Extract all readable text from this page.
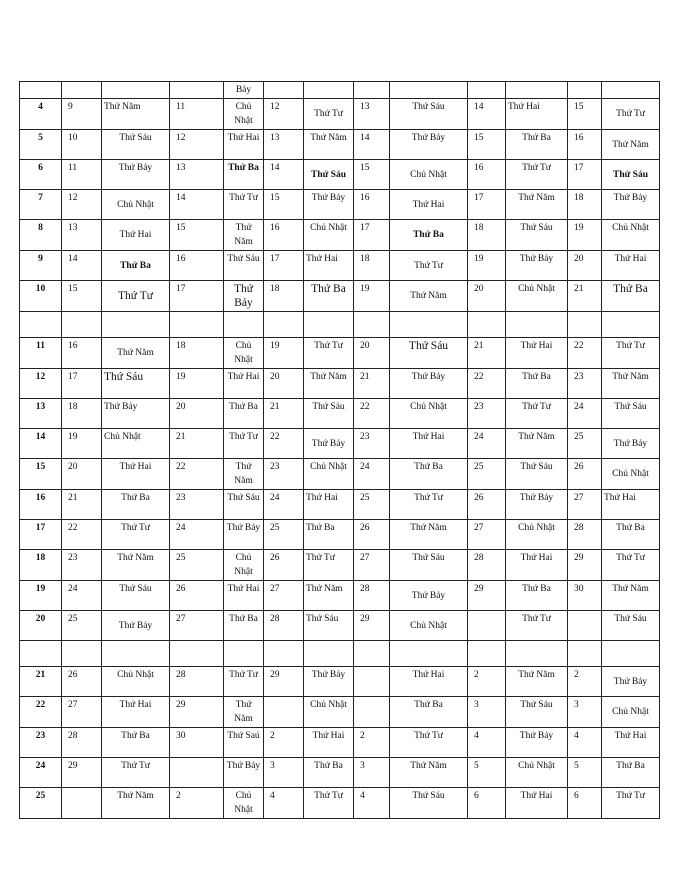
				Bảy								
4	9	Thứ Năm	11	Chủ Nhật	12	Thứ Tư	13	Thứ Sáu	14	Thứ Hai	15	Thứ Tư
5	10	Thứ Sáu	12	Thứ Hai	13	Thứ Năm	14	Thứ Bảy	15	Thứ Ba	16	Thứ Năm
6	11	Thứ Bảy	13	Thứ Ba	14	Thứ Sáu	15	Chủ Nhật	16	Thứ Tư	17	Thứ Sáu
7	12	Chủ Nhật	14	Thứ Tư	15	Thứ Bảy	16	Thứ Hai	17	Thứ Năm	18	Thứ Bảy
8	13	Thứ Hai	15	Thứ Năm	16	Chủ Nhật	17	Thứ Ba	18	Thứ Sáu	19	Chủ Nhật
9	14	Thứ Ba	16	Thứ Sáu	17	Thứ Hai	18	Thứ Tư	19	Thứ Bảy	20	Thứ Hai
10	15	Thứ Tư	17	Thứ Bảy	18	Thứ Ba	19	Thứ Năm	20	Chủ Nhật	21	Thứ Ba

11	16	Thứ Năm	18	Chủ Nhật	19	Thứ Tư	20	Thứ Sáu	21	Thứ Hai	22	Thứ Tư
12	17	Thứ Sáu	19	Thứ Hai	20	Thứ Năm	21	Thứ Bảy	22	Thứ Ba	23	Thứ Năm
13	18	Thứ Bảy	20	Thứ Ba	21	Thứ Sáu	22	Chủ Nhật	23	Thứ Tư	24	Thứ Sáu
14	19	Chủ Nhật	21	Thứ Tư	22	Thứ Bảy	23	Thứ Hai	24	Thứ Năm	25	Thứ Bảy
15	20	Thứ Hai	22	Thứ Năm	23	Chủ Nhật	24	Thứ Ba	25	Thứ Sáu	26	Chủ Nhật
16	21	Thứ Ba	23	Thứ Sáu	24	Thứ Hai	25	Thứ Tư	26	Thứ Bảy	27	Thứ Hai
17	22	Thứ Tư	24	Thứ Bảy	25	Thứ Ba	26	Thứ Năm	27	Chủ Nhật	28	Thứ Ba
18	23	Thứ Năm	25	Chủ Nhật	26	Thứ Tư	27	Thứ Sáu	28	Thứ Hai	29	Thứ Tư
19	24	Thứ Sáu	26	Thứ Hai	27	Thứ Năm	28	Thứ Bảy	29	Thứ Ba	30	Thứ Năm
20	25	Thứ Bảy	27	Thứ Ba	28	Thứ Sáu	29	Chủ Nhật		Thứ Tư		Thứ Sáu

21	26	Chủ Nhật	28	Thứ Tư	29	Thứ Bảy		Thứ Hai	2	Thứ Năm	2	Thứ Bảy
22	27	Thứ Hai	29	Thứ Năm		Chủ Nhật		Thứ Ba	3	Thứ Sáu	3	Chủ Nhật
23	28	Thứ Ba	30	Thứ Saú	2	Thứ Hai	2	Thứ Tư	4	Thứ Bảy	4	Thứ Hai
24	29	Thứ Tư		Thứ Bảy	3	Thứ Ba	3	Thứ Năm	5	Chủ Nhật	5	Thứ Ba
25		Thứ Năm	2	Chủ Nhật	4	Thứ Tư	4	Thứ Sáu	6	Thứ Hai	6	Thứ Tư
